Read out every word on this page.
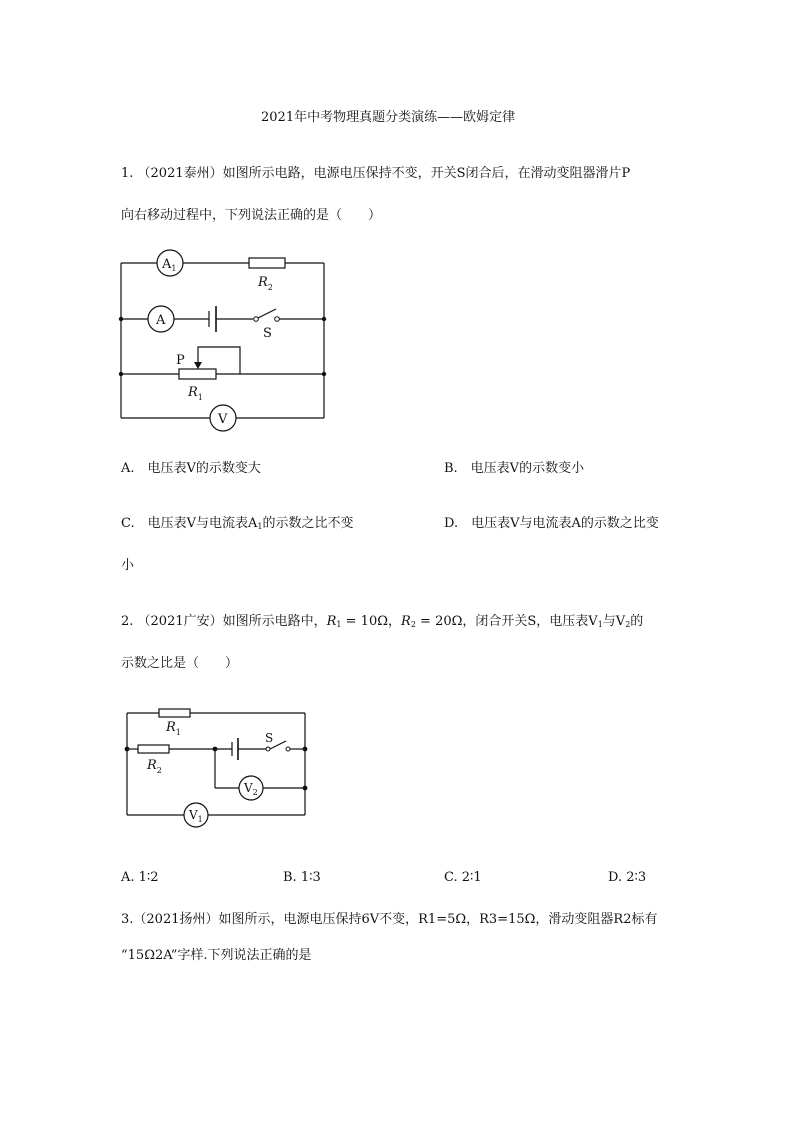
2021年中考物理真题分类演练——欧姆定律
1. （2021泰州）如图所示电路，电源电压保持不变，开关S闭合后，在滑动变阻器滑片P
向右移动过程中，下列说法正确的是（　　）
$A_1$
$R_2$
A
S
P
$R_1$
V
A.　电压表V的示数变大	B.　电压表V的示数变小
C.　电压表V与电流表$A_1$的示数之比不变	D.　电压表V与电流表A的示数之比变
小
2. （2021广安）如图所示电路中，$R_1 = 10\Omega$，$R_2 = 20\Omega$，闭合开关S，电压表$V_1$与$V_2$的
示数之比是（　　）
$R_1$
$R_2$
S
$V_2$
$V_1$
A. 1∶2	B. 1∶3	C. 2∶1	D. 2∶3
3.（2021扬州）如图所示，电源电压保持6V不变，R1=5Ω，R3=15Ω，滑动变阻器R2标有
“15Ω2A”字样.下列说法正确的是
